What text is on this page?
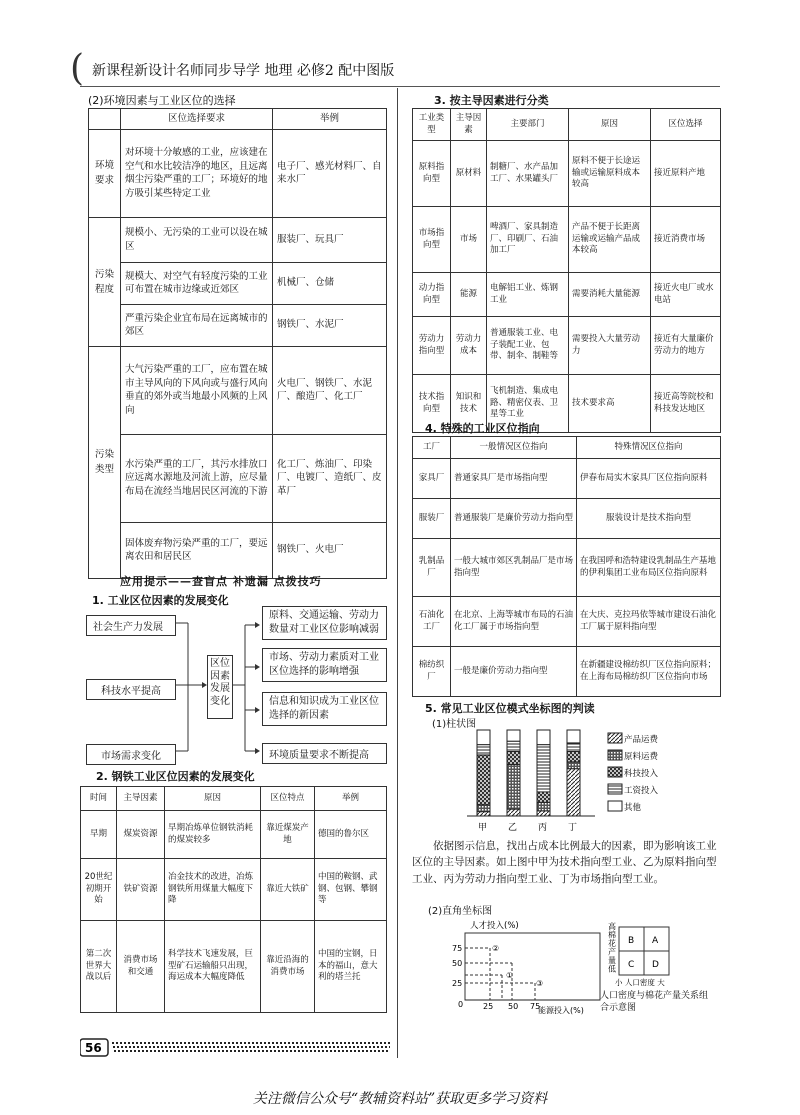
( 新课程新设计名师同步导学 地理 必修2 配中图版
(2)环境因素与工业区位的选择
	区位选择要求	举例
环境要求	对环境十分敏感的工业，应该建在空气和水比较洁净的地区，且远离烟尘污染严重的工厂；环境好的地方吸引某些特定工业	电子厂、感光材料厂、自来水厂
污染程度	规模小、无污染的工业可以设在城区	服装厂、玩具厂
	规模大、对空气有轻度污染的工业可布置在城市边缘或近郊区	机械厂、仓储
	严重污染企业宜布局在远离城市的郊区	钢铁厂、水泥厂
污染类型	大气污染严重的工厂，应布置在城市主导风向的下风向或与盛行风向垂直的郊外或当地最小风频的上风向	火电厂、钢铁厂、水泥厂、酿造厂、化工厂
	水污染严重的工厂，其污水排放口应远离水源地及河流上游，应尽量布局在流经当地居民区河流的下游	化工厂、炼油厂、印染厂、电镀厂、造纸厂、皮革厂
	固体废弃物污染严重的工厂，要远离农田和居民区	钢铁厂、火电厂
应用提示——查盲点 补遗漏 点拨技巧
1. 工业区位因素的发展变化
社会生产力发展
科技水平提高
市场需求变化
区位因素发展变化
原料、交通运输、劳动力数量对工业区位影响减弱
市场、劳动力素质对工业区位选择的影响增强
信息和知识成为工业区位选择的新因素
环境质量要求不断提高
2. 钢铁工业区位因素的发展变化
时间	主导因素	原因	区位特点	举例
早期	煤炭资源	早期冶炼单位钢铁消耗的煤炭较多	靠近煤炭产地	德国的鲁尔区
20世纪初期开始	铁矿资源	冶金技术的改进，冶炼钢铁所用煤量大幅度下降	靠近大铁矿	中国的鞍钢、武钢、包钢、攀钢等
第二次世界大战以后	消费市场和交通	科学技术飞速发展，巨型矿石运输船只出现，海运成本大幅度降低	靠近沿海的消费市场	中国的宝钢，日本的福山，意大利的塔兰托
3. 按主导因素进行分类
工业类型	主导因素	主要部门	原因	区位选择
原料指向型	原材料	制糖厂、水产品加工厂、水果罐头厂	原料不便于长途运输或运输原料成本较高	接近原料产地
市场指向型	市场	啤酒厂、家具制造厂、印刷厂、石油加工厂	产品不便于长距离运输或运输产品成本较高	接近消费市场
动力指向型	能源	电解铝工业、炼钢工业	需要消耗大量能源	接近火电厂或水电站
劳动力指向型	劳动力成本	普通服装工业、电子装配工业、包带、制伞、制鞋等	需要投入大量劳动力	接近有大量廉价劳动力的地方
技术指向型	知识和技术	飞机制造、集成电路、精密仪表、卫星等工业	技术要求高	接近高等院校和科技发达地区
4. 特殊的工业区位指向
工厂	一般情况区位指向	特殊情况区位指向
家具厂	普通家具厂是市场指向型	伊春布局实木家具厂区位指向原料
服装厂	普通服装厂是廉价劳动力指向型	服装设计是技术指向型
乳制品厂	一般大城市郊区乳制品厂是市场指向型	在我国呼和浩特建设乳制品生产基地的伊利集团工业布局区位指向原料
石油化工厂	在北京、上海等城市布局的石油化工厂属于市场指向型	在大庆、克拉玛依等城市建设石油化工厂属于原料指向型
棉纺织厂	一般是廉价劳动力指向型	在新疆建设棉纺织厂区位指向原料；在上海布局棉纺织厂区位指向市场
5. 常见工业区位模式坐标图的判读
(1)柱状图
产品运费
原料运费
科技投入
工资投入
其他
甲 乙 丙 丁
依据图示信息，找出占成本比例最大的因素，即为影响该工业区位的主导因素。如上图中甲为技术指向型工业、乙为原料指向型工业、丙为劳动力指向型工业、丁为市场指向型工业。
(2)直角坐标图
人才投入(%)
75
50
25
0 25 50 75
①
②
③
能源投入(%)
高棉花产量低
B A
C D
小 人口密度 大
人口密度与棉花产量关系组合示意图
56
关注微信公众号“教辅资料站”获取更多学习资料
